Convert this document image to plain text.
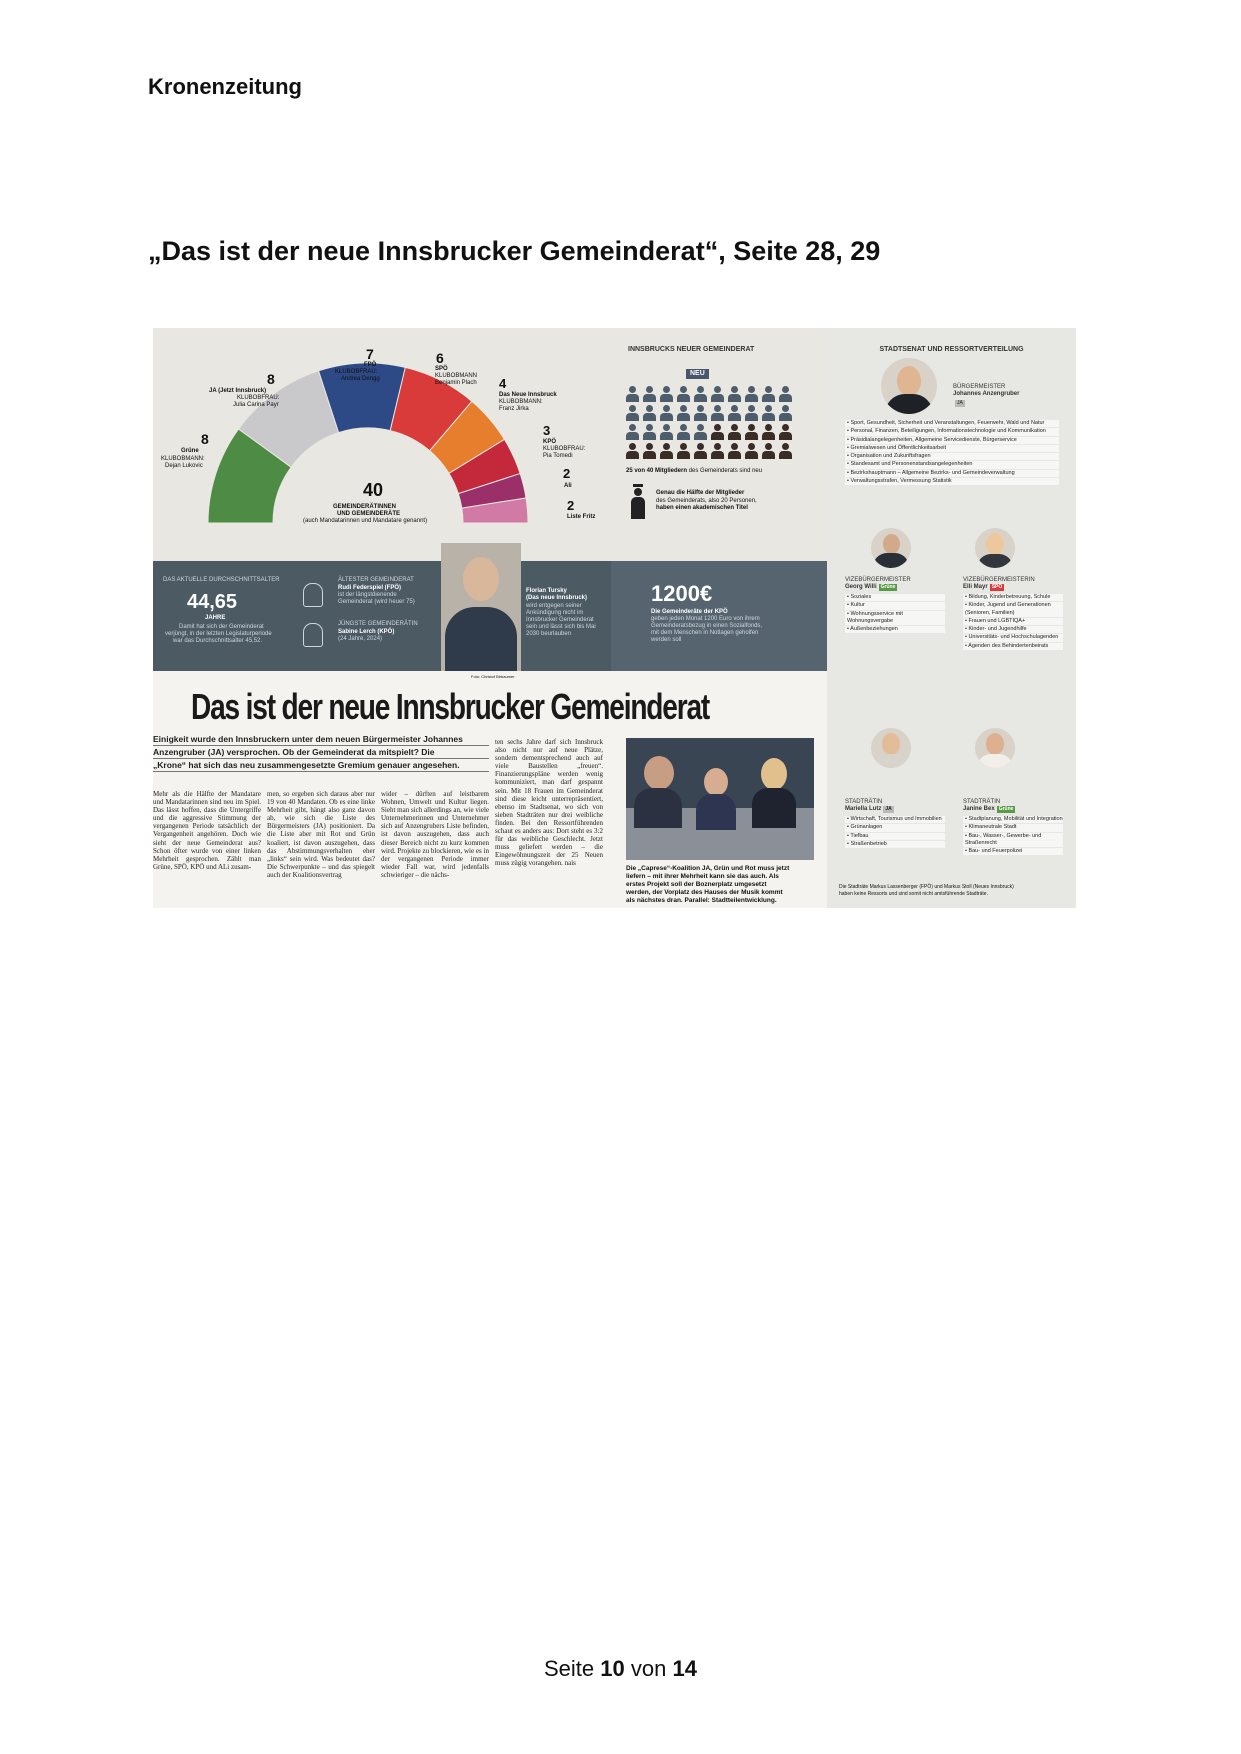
Kronenzeitung
„Das ist der neue Innsbrucker Gemeinderat“, Seite 28, 29
8
Grüne
KLUBOBMANN:
Dejan Lukovic
8
JA (Jetzt Innsbruck)
KLUBOBFRAU:
Julia Carina Payr
7
FPÖ
KLUBOBFRAU:
Andrea Dengg
6
SPÖ
KLUBOBMANN
Benjamin Plach 4
Das Neue Innsbruck
KLUBOBMANN:
Franz Jirka
3
KPÖ
KLUBOBFRAU:
Pia Tomedi
2
Ali
2
Liste Fritz
40
GEMEINDERÄTINNEN
UND GEMEINDERÄTE
(auch Mandatarinnen und Mandatare genannt)
INNSBRUCKS NEUER GEMEINDERAT
NEU
25 von 40 Mitgliedern des Gemeinderats sind neu
Genau die Hälfte der Mitglieder
des Gemeinderats, also 20 Personen,
haben einen akademischen Titel
DAS AKTUELLE DURCHSCHNITTSALTER
44,65
JAHRE
Damit hat sich der Gemeinderat
verjüngt, in der letzten Legislaturperiode
war das Durchschnittsalter 45,52.
ÄLTESTER GEMEINDERAT
Rudi Federspiel (FPÖ)
ist der längstdienende
Gemeinderat (wird heuer 75)
JÜNGSTE GEMEINDERÄTIN
Sabine Lerch (KPÖ)
(24 Jahre, 2024)
Florian Tursky
(Das neue Innsbruck)
wird entgegen seiner
Ankündigung nicht im
Innsbrucker Gemeinderat
sein und lässt sich bis Mai
2030 beurlauben
1200€
Die Gemeinderäte der KPÖ
geben jeden Monat 1200 Euro von ihrem
Gemeinderatsbezug in einen Sozialfonds,
mit dem Menschen in Notlagen geholfen
werden soll
Foto: Christof Birbaumer
Das ist der neue Innsbrucker Gemeinderat
Einigkeit wurde den Innsbruckern unter dem neuen Bürgermeister Johannes
Anzengruber (JA) versprochen. Ob der Gemeinderat da mitspielt? Die
„Krone“ hat sich das neu zusammengesetzte Gremium genauer angesehen.
Mehr als die Hälfte der Mandatare und Mandatarinnen sind neu im Spiel. Das lässt hoffen, dass die Untergriffe und die aggressive Stimmung der vergangenen Periode tatsächlich der Vergangenheit angehören. Doch wie sieht der neue Gemeinderat aus? Schon öfter wurde von einer linken Mehrheit gesprochen. Zählt man Grüne, SPÖ, KPÖ und ALi zusam-
men, so ergeben sich daraus aber nur 19 von 40 Mandaten. Ob es eine linke Mehrheit gibt, hängt also ganz davon ab, wie sich die Liste des Bürgermeisters (JA) positioniert. Da die Liste aber mit Rot und Grün koaliert, ist davon auszugehen, dass das Abstimmungsverhalten eher „links“ sein wird. Was bedeutet das? Die Schwerpunkte – und das spiegelt auch der Koalitionsvertrag
wider – dürften auf leistbarem Wohnen, Umwelt und Kultur liegen. Sieht man sich allerdings an, wie viele Unternehmerinnen und Unternehmer sich auf Anzengrubers Liste befinden, ist davon auszugehen, dass auch dieser Bereich nicht zu kurz kommen wird. Projekte zu blockieren, wie es in der vergangenen Periode immer wieder Fall war, wird jedenfalls schwieriger – die nächs-
ten sechs Jahre darf sich Innsbruck also nicht nur auf neue Plätze, sondern dementsprechend auch auf viele Baustellen „freuen“. Finanzierungspläne werden wenig kommuniziert, man darf gespannt sein. Mit 18 Frauen im Gemeinderat sind diese leicht unterrepräsentiert, ebenso im Stadtsenat, wo sich von sieben Stadträten nur drei weibliche finden. Bei den Ressortführenden schaut es anders aus: Dort steht es 3:2 für das weibliche Geschlecht. Jetzt muss geliefert werden – die Eingewöhnungszeit der 25 Neuen muss zügig vorangehen. nais
Die „Caprese“-Koalition JA, Grün und Rot muss jetzt
liefern – mit ihrer Mehrheit kann sie das auch. Als
erstes Projekt soll der Boznerplatz umgesetzt
werden, der Vorplatz des Hauses der Musik kommt
als nächstes dran. Parallel: Stadtteilentwicklung.
STADTSENAT UND RESSORTVERTEILUNG
BÜRGERMEISTER
Johannes Anzengruber
JA
• Sport, Gesundheit, Sicherheit und Veranstaltungen, Feuerwehr, Wald und Natur
• Personal, Finanzen, Beteiligungen, Informationstechnologie und Kommunikation
• Präsidialangelegenheiten, Allgemeine Servicedienste, Bürgerservice
• Gremialwesen und Öffentlichkeitsarbeit
• Organisation und Zukunftsfragen
• Standesamt und Personenstandsangelegenheiten
• Bezirkshauptmann – Allgemeine Bezirks- und Gemeindeverwaltung
• Verwaltungsstrafen, Vermessung Statistik
VIZEBÜRGERMEISTER
Georg Willi Grüne
• Soziales
• Kultur
• Wohnungsservice mit Wohnungsvergabe
• Außenbeziehungen
VIZEBÜRGERMEISTERIN
Elli Mayr SPÖ
• Bildung, Kinderbetreuung, Schule
• Kinder, Jugend und Generationen (Senioren, Familien)
• Frauen und LGBTIQA+
• Kinder- und Jugendhilfe
• Universitäts- und Hochschulagenden
• Agenden des Behindertenbeirats
STADTRÄTIN
Mariella Lutz JA
• Wirtschaft, Tourismus und Immobilien
• Grünanlagen
• Tiefbau
• Straßenbetrieb
STADTRÄTIN
Janine Bex Grüne
• Stadtplanung, Mobilität und Integration
• Klimaneutrale Stadt
• Bau-, Wasser-, Gewerbe- und Straßenrecht
• Bau- und Feuerpolizei
Die Stadträte Markus Lassenberger (FPÖ) und Markus Stoll (Neues Innsbruck)
haben keine Ressorts und sind somit nicht amtsführende Stadträte.
Seite 10 von 14
